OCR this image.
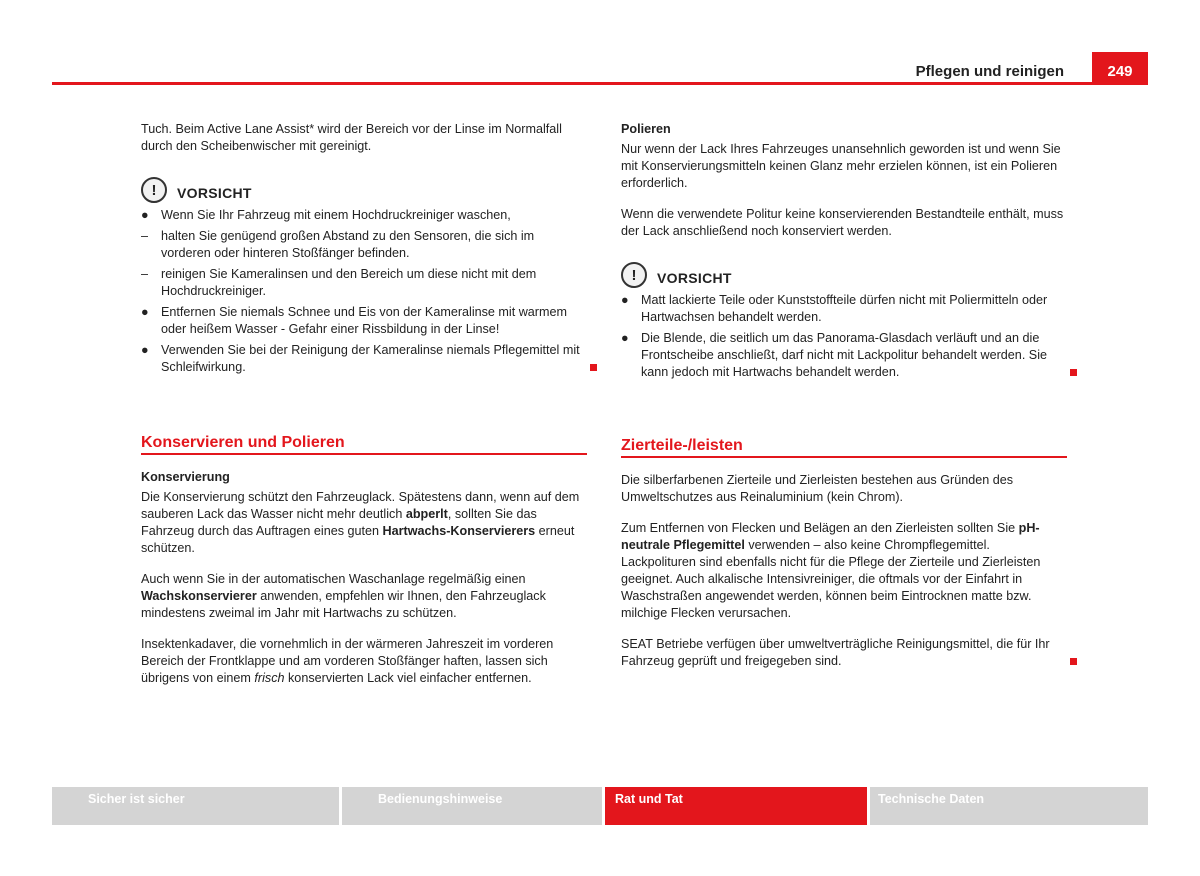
Pflegen und reinigen	249

Tuch. Beim Active Lane Assist* wird der Bereich vor der Linse im Normalfall durch den Scheibenwischer mit gereinigt.

!	VORSICHT
● Wenn Sie Ihr Fahrzeug mit einem Hochdruckreiniger waschen,
– halten Sie genügend großen Abstand zu den Sensoren, die sich im vorderen oder hinteren Stoßfänger befinden.
– reinigen Sie Kameralinsen und den Bereich um diese nicht mit dem Hochdruckreiniger.
● Entfernen Sie niemals Schnee und Eis von der Kameralinse mit warmem oder heißem Wasser - Gefahr einer Rissbildung in der Linse!
● Verwenden Sie bei der Reinigung der Kameralinse niemals Pflegemittel mit Schleifwirkung.
Konservieren und Polieren
Konservierung

Die Konservierung schützt den Fahrzeuglack. Spätestens dann, wenn auf dem sauberen Lack das Wasser nicht mehr deutlich abperlt, sollten Sie das Fahrzeug durch das Auftragen eines guten Hartwachs-Konservierers erneut schützen.

Auch wenn Sie in der automatischen Waschanlage regelmäßig einen Wachskonservierer anwenden, empfehlen wir Ihnen, den Fahrzeuglack mindestens zweimal im Jahr mit Hartwachs zu schützen.

Insektenkadaver, die vornehmlich in der wärmeren Jahreszeit im vorderen Bereich der Frontklappe und am vorderen Stoßfänger haften, lassen sich übrigens von einem frisch konservierten Lack viel einfacher entfernen.

Polieren

Nur wenn der Lack Ihres Fahrzeuges unansehnlich geworden ist und wenn Sie mit Konservierungsmitteln keinen Glanz mehr erzielen können, ist ein Polieren erforderlich.

Wenn die verwendete Politur keine konservierenden Bestandteile enthält, muss der Lack anschließend noch konserviert werden.

!	VORSICHT
● Matt lackierte Teile oder Kunststoffteile dürfen nicht mit Poliermitteln oder Hartwachsen behandelt werden.
● Die Blende, die seitlich um das Panorama-Glasdach verläuft und an die Frontscheibe anschließt, darf nicht mit Lackpolitur behandelt werden. Sie kann jedoch mit Hartwachs behandelt werden.
Zierteile-/leisten

Die silberfarbenen Zierteile und Zierleisten bestehen aus Gründen des Umweltschutzes aus Reinaluminium (kein Chrom).

Zum Entfernen von Flecken und Belägen an den Zierleisten sollten Sie pH-neutrale Pflegemittel verwenden – also keine Chrompflegemittel. Lackpolituren sind ebenfalls nicht für die Pflege der Zierteile und Zierleisten geeignet. Auch alkalische Intensivreiniger, die oftmals vor der Einfahrt in Waschstraßen angewendet werden, können beim Eintrocknen matte bzw. milchige Flecken verursachen.

SEAT Betriebe verfügen über umweltverträgliche Reinigungsmittel, die für Ihr Fahrzeug geprüft und freigegeben sind.

Sicher ist sicher	Bedienungshinweise	Rat und Tat	Technische Daten
